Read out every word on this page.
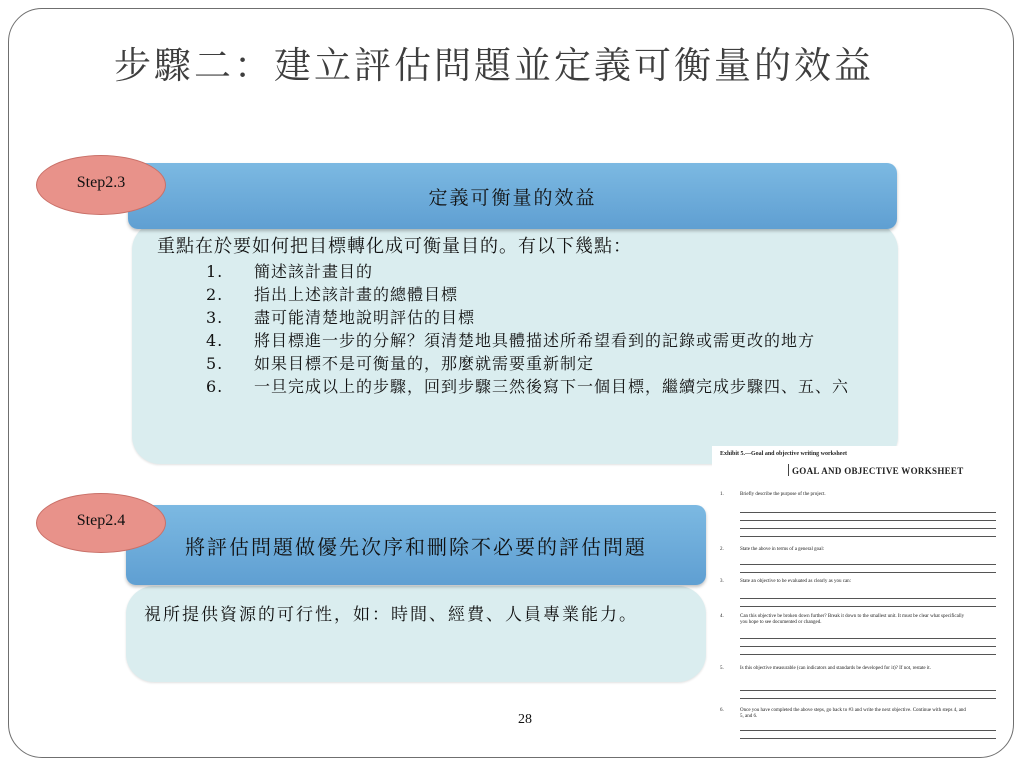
步驟二：建立評估問題並定義可衡量的效益
重點在於要如何把目標轉化成可衡量目的。有以下幾點：
1.	簡述該計畫目的
2.	指出上述該計畫的總體目標
3.	盡可能清楚地說明評估的目標
4.	將目標進一步的分解？須清楚地具體描述所希望看到的記錄或需更改的地方
5.	如果目標不是可衡量的，那麼就需要重新制定
6.	一旦完成以上的步驟，回到步驟三然後寫下一個目標，繼續完成步驟四、五、六
定義可衡量的效益
Step2.3
視所提供資源的可行性，如：時間、經費、人員專業能力。
將評估問題做優先次序和刪除不必要的評估問題
Step2.4
Exhibit 5.—Goal and objective writing worksheet
GOAL AND OBJECTIVE WORKSHEET
1.	Briefly describe the purpose of the project.
2.	State the above in terms of a general goal:
3.	State an objective to be evaluated as clearly as you can:
4.	Can this objective be broken down further? Break it down to the smallest unit. It must be clear what specifically you hope to see documented or changed.
5.	Is this objective measurable (can indicators and standards be developed for it)? If not, restate it.
6.	Once you have completed the above steps, go back to #3 and write the next objective. Continue with steps 4, and 5, and 6.
28
